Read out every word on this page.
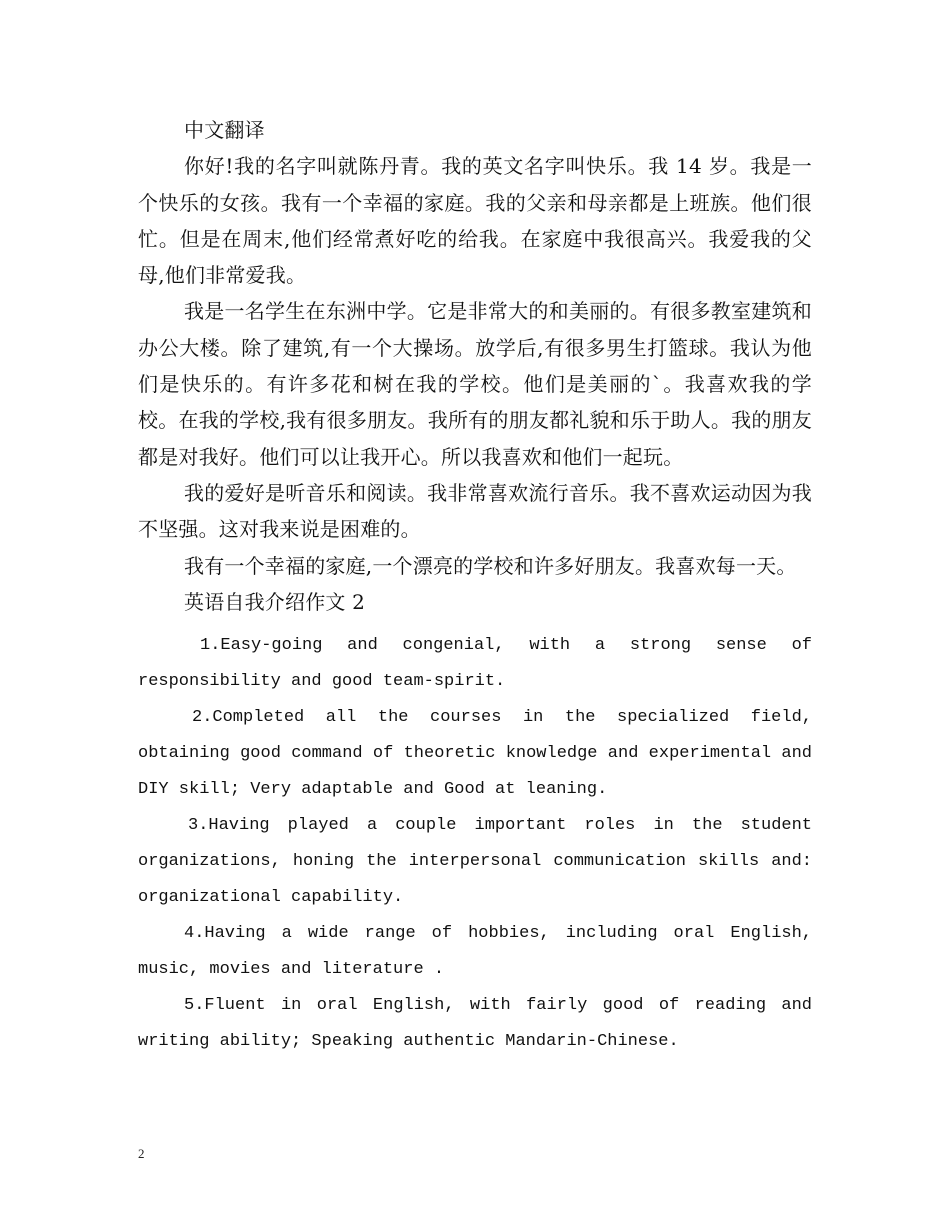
中文翻译

你好!我的名字叫就陈丹青。我的英文名字叫快乐。我 14 岁。我是一个快乐的女孩。我有一个幸福的家庭。我的父亲和母亲都是上班族。他们很忙。但是在周末,他们经常煮好吃的给我。在家庭中我很高兴。我爱我的父母,他们非常爱我。

我是一名学生在东洲中学。它是非常大的和美丽的。有很多教室建筑和办公大楼。除了建筑,有一个大操场。放学后,有很多男生打篮球。我认为他们是快乐的。有许多花和树在我的学校。他们是美丽的`。我喜欢我的学校。在我的学校,我有很多朋友。我所有的朋友都礼貌和乐于助人。我的朋友都是对我好。他们可以让我开心。所以我喜欢和他们一起玩。

我的爱好是听音乐和阅读。我非常喜欢流行音乐。我不喜欢运动因为我不坚强。这对我来说是困难的。

我有一个幸福的家庭,一个漂亮的学校和许多好朋友。我喜欢每一天。

英语自我介绍作文 2

1.Easy-going and congenial, with a strong sense of responsibility and good team-spirit.

2.Completed all the courses in the specialized field, obtaining good command of theoretic knowledge and experimental and DIY skill; Very adaptable and Good at leaning.

3.Having played a couple important roles in the student organizations, honing the interpersonal communication skills and: organizational capability.

4.Having a wide range of hobbies, including oral English, music, movies and literature .

5.Fluent in oral English, with fairly good of reading and writing ability; Speaking authentic Mandarin-Chinese.

2
